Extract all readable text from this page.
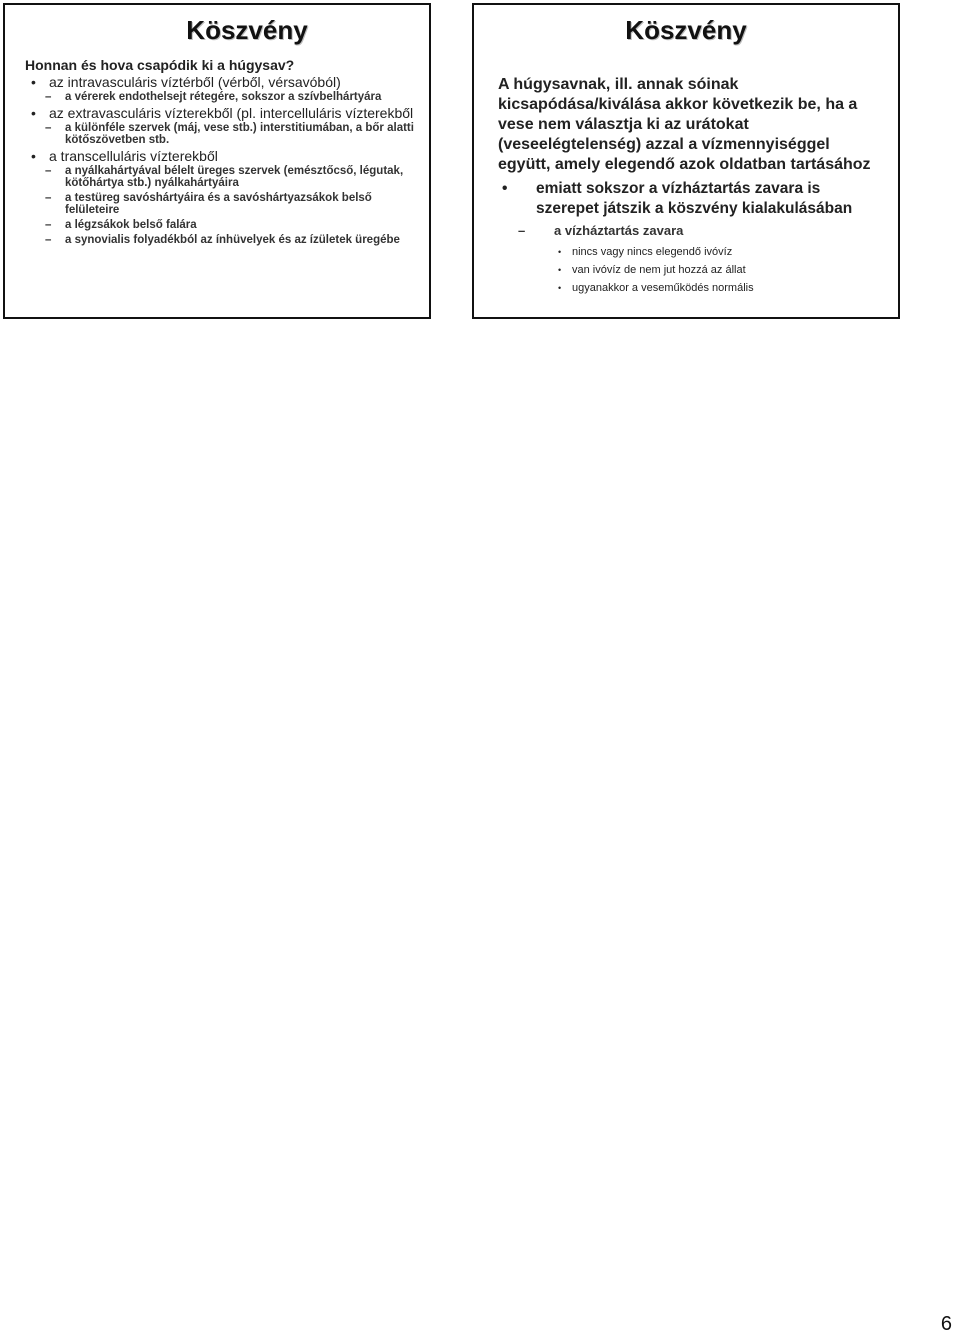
Köszvény

Honnan és hova csapódik ki a húgysav?

• az intravasculáris víztérből (vérből, vérsavóból)
– a vérerek endothelsejt rétegére, sokszor a szívbelhártyára
• az extravasculáris vízterekből (pl. intercelluláris vízterekből
– a különféle szervek (máj, vese stb.) interstitiumában, a bőr alatti kötőszövetben stb.
• a transcelluláris vízterekből
– a nyálkahártyával bélelt üreges szervek (emésztőcső, légutak, kötőhártya stb.) nyálkahártyáira
– a testüreg savóshártyáira és a savóshártyazsákok belső felületeire
– a légzsákok belső falára
– a synovialis folyadékból az ínhüvelyek és az ízületek üregébe
Köszvény

A húgysavnak, ill. annak sóinak kicsapódása/kiválása akkor következik be, ha a vese nem választja ki az urátokat (veseelégtelenség) azzal a vízmennyiséggel együtt, amely elegendő azok oldatban tartásához

• emiatt sokszor a vízháztartás zavara is szerepet játszik a köszvény kialakulásában
– a vízháztartás zavara
• nincs vagy nincs elegendő ivóvíz
• van ivóvíz de nem jut hozzá az állat
• ugyanakkor a veseműködés normális
6
